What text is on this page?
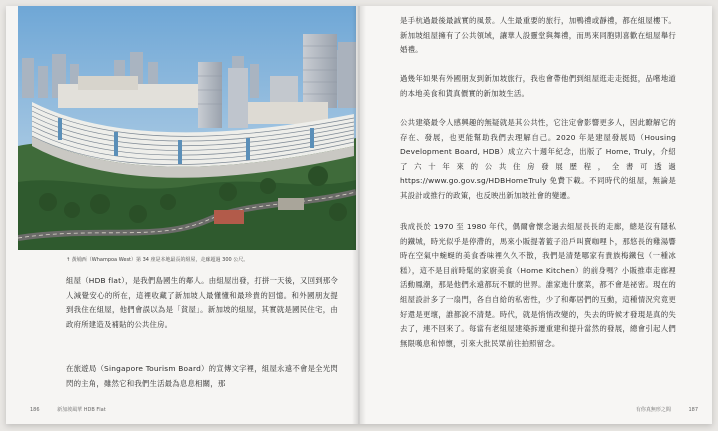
↑ 黃埔西（Whampoa West）第 34 座是本地最長的組屋，走廊超過 300 公尺。
組屋（HDB flat），是我們島國生的鄰人。由組屋出發，打拼一天後，又回到那令人減覺安心的所在，這裡收藏了新加坡人最懂懂和最珍貴的回憶。和外國朋友提到我住在組屋，他們會誤以為是「貧屋」。新加坡的組屋，其實就是國民住宅，由政府所建造及補貼的公共住房。
在旅遊局（Singapore Tourism Board）的宣傳文字裡，組屋永遠不會是全光閃閃的主角，雖然它和我們生活最為息息相關，那
186	新加坡風華 HDB Flat
是手杭過最後最誠實的風景。人生最重要的旅行，加鴨禮或靜禮，都在組屋樓下。新加坡組屋擁有了公共領域，讓華人設靈堂與舞禮，而馬來同胞則喜歡在組屋舉行婚禮。
過幾年如果有外國朋友到新加坡旅行，我也會帶他們到組屋逛走走挺挺，品嚐地道的本地美食和貨真價實的新加坡生活。
公共建築最令人感興趣的無疑就是其公共性，它注定會影響更多人，因此瞭解它的存在、發展，也更能幫助我們去理解自己。2020 年是建屋發展局（Housing Development Board, HDB）成立六十週年紀念，出版了 Home, Truly，介紹了六十年來的公共住房發展歷程，全書可透過 https://www.go.gov.sg/HDBHomeTruly 免費下載。不同時代的組屋，無論是其設計或推行的政策，也反映出新加坡社會的變遷。
我成長於 1970 至 1980 年代，偶爾會懷念過去組屋長長的走廊，總是沒有隱私的鐵城，時光似乎是停滯的，馬來小販提著籃子沿戶叫賣咖哩卜，那悠長的雞湯響時在空氣中蜿蜒的美食香味裡久久不散，我們是清楚哪家有貴族梅鐵包（一種冰糕），這不是目前時髦的家廚美食（Home Kitchen）的前身嗎？小販推車走廊裡活動鳳潮，那是他們永遠都玩不厭的世界。誰家進什麼菜，都不會是祕密。現在的組屋設計多了一扇門，各自自給的私密性，少了和鄰居們的互動，這種情況究竟更好還是更壞，誰都說不清楚。時代，就是悄悄改變的，失去的時候才發現是真的失去了，連不回來了。每當有老組屋建築拆遷重建和提升當然的發展，總會引起人們無限嘆息和悼懷，引來大批民眾前往拍照留念。
有你真無形之間	187
